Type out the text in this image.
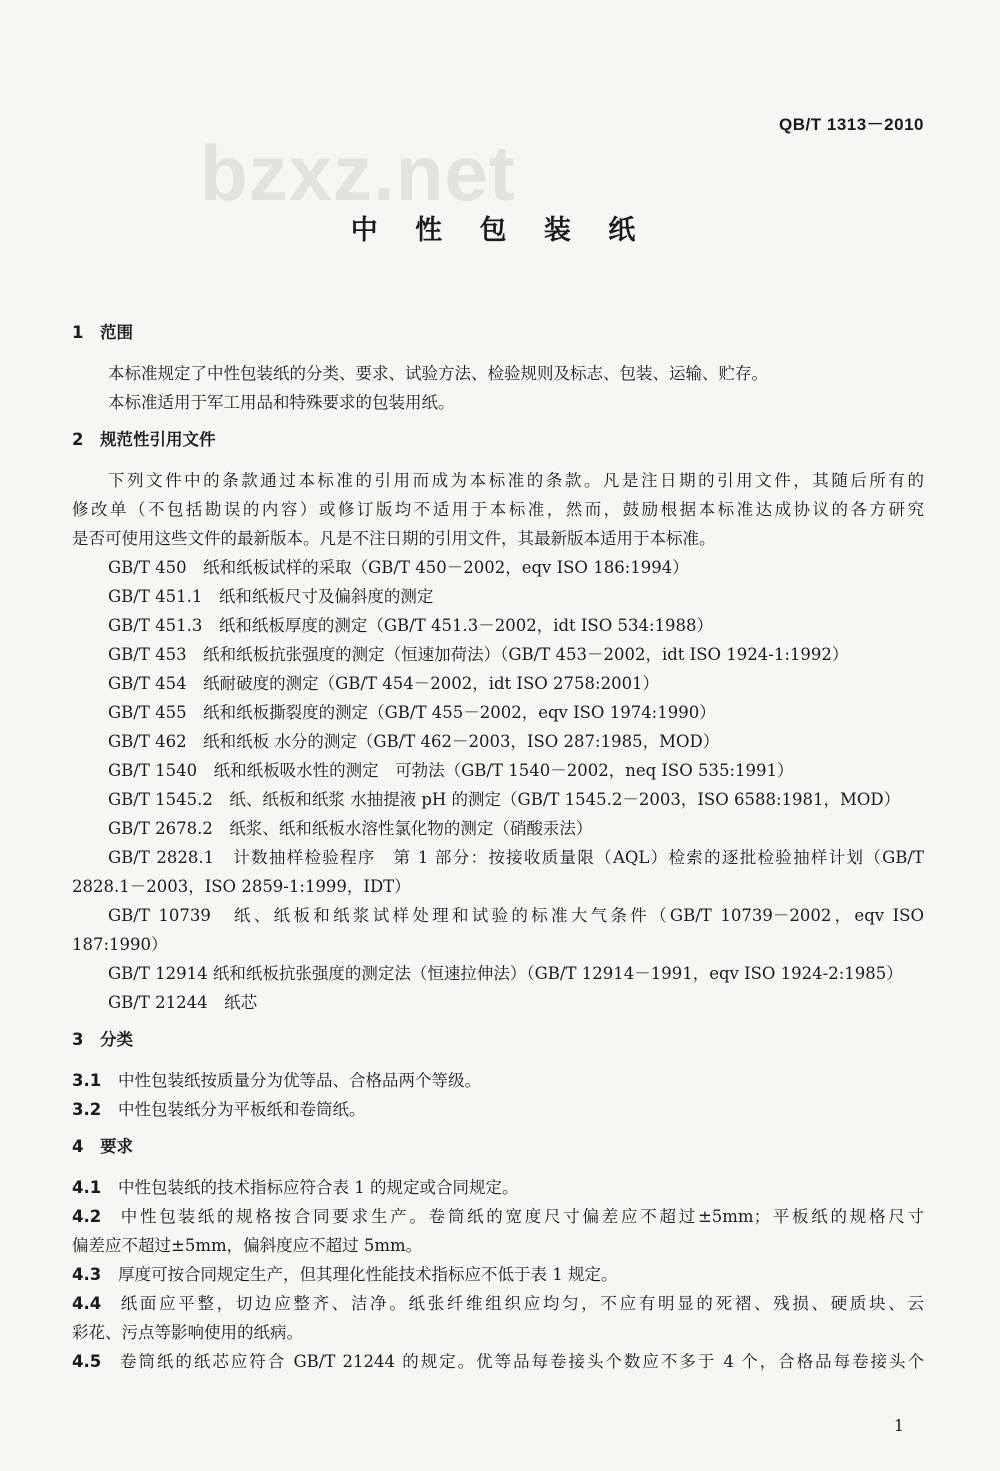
QB/T 1313－2010
bzxz.net
中 性 包 装 纸
1 范围
本标准规定了中性包装纸的分类、要求、试验方法、检验规则及标志、包装、运输、贮存。
本标准适用于军工用品和特殊要求的包装用纸。
2 规范性引用文件
下列文件中的条款通过本标准的引用而成为本标准的条款。凡是注日期的引用文件，其随后所有的
修改单（不包括勘误的内容）或修订版均不适用于本标准，然而，鼓励根据本标准达成协议的各方研究
是否可使用这些文件的最新版本。凡是不注日期的引用文件，其最新版本适用于本标准。
GB/T 450　纸和纸板试样的采取（GB/T 450－2002，eqv ISO 186:1994）
GB/T 451.1　纸和纸板尺寸及偏斜度的测定
GB/T 451.3　纸和纸板厚度的测定（GB/T 451.3－2002，idt ISO 534:1988）
GB/T 453　纸和纸板抗张强度的测定（恒速加荷法）（GB/T 453－2002，idt ISO 1924-1:1992）
GB/T 454　纸耐破度的测定（GB/T 454－2002，idt ISO 2758:2001）
GB/T 455　纸和纸板撕裂度的测定（GB/T 455－2002，eqv ISO 1974:1990）
GB/T 462　纸和纸板 水分的测定（GB/T 462－2003，ISO 287:1985，MOD）
GB/T 1540　纸和纸板吸水性的测定　可勃法（GB/T 1540－2002，neq ISO 535:1991）
GB/T 1545.2　纸、纸板和纸浆 水抽提液 pH 的测定（GB/T 1545.2－2003，ISO 6588:1981，MOD）
GB/T 2678.2　纸浆、纸和纸板水溶性氯化物的测定（硝酸汞法）
GB/T 2828.1　计数抽样检验程序　第 1 部分：按接收质量限（AQL）检索的逐批检验抽样计划（GB/T
2828.1－2003，ISO 2859-1:1999，IDT）
GB/T 10739　纸、纸板和纸浆试样处理和试验的标准大气条件（GB/T 10739－2002，eqv ISO
187:1990）
GB/T 12914 纸和纸板抗张强度的测定法（恒速拉伸法）（GB/T 12914－1991，eqv ISO 1924-2:1985）
GB/T 21244　纸芯
3 分类
3.1 中性包装纸按质量分为优等品、合格品两个等级。
3.2 中性包装纸分为平板纸和卷筒纸。
4 要求
4.1 中性包装纸的技术指标应符合表 1 的规定或合同规定。
4.2 中性包装纸的规格按合同要求生产。卷筒纸的宽度尺寸偏差应不超过±5mm；平板纸的规格尺寸
偏差应不超过±5mm，偏斜度应不超过 5mm。
4.3 厚度可按合同规定生产，但其理化性能技术指标应不低于表 1 规定。
4.4 纸面应平整，切边应整齐、洁净。纸张纤维组织应均匀，不应有明显的死褶、残损、硬质块、云
彩花、污点等影响使用的纸病。
4.5 卷筒纸的纸芯应符合 GB/T 21244 的规定。优等品每卷接头个数应不多于 4 个，合格品每卷接头个
1
